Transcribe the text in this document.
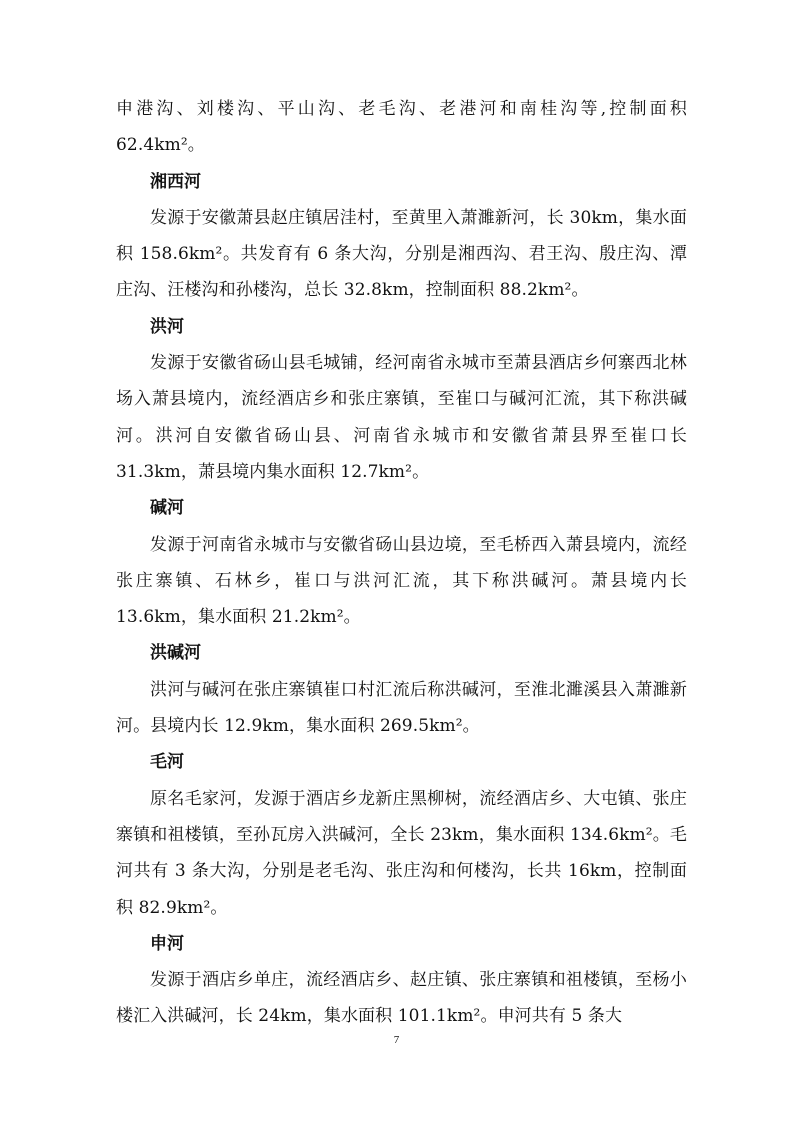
申港沟、刘楼沟、平山沟、老毛沟、老港河和南桂沟等,控制面积 62.4km²。

湘西河

发源于安徽萧县赵庄镇居洼村，至黄里入萧濉新河，长 30km，集水面积 158.6km²。共发育有 6 条大沟，分别是湘西沟、君王沟、殷庄沟、潭庄沟、汪楼沟和孙楼沟，总长 32.8km，控制面积 88.2km²。

洪河

发源于安徽省砀山县毛城铺，经河南省永城市至萧县酒店乡何寨西北林场入萧县境内，流经酒店乡和张庄寨镇，至崔口与碱河汇流，其下称洪碱河。洪河自安徽省砀山县、河南省永城市和安徽省萧县界至崔口长 31.3km，萧县境内集水面积 12.7km²。

碱河

发源于河南省永城市与安徽省砀山县边境，至毛桥西入萧县境内，流经张庄寨镇、石林乡，崔口与洪河汇流，其下称洪碱河。萧县境内长 13.6km，集水面积 21.2km²。

洪碱河

洪河与碱河在张庄寨镇崔口村汇流后称洪碱河，至淮北濉溪县入萧濉新河。县境内长 12.9km，集水面积 269.5km²。

毛河

原名毛家河，发源于酒店乡龙新庄黑柳树，流经酒店乡、大屯镇、张庄寨镇和祖楼镇，至孙瓦房入洪碱河，全长 23km，集水面积 134.6km²。毛河共有 3 条大沟，分别是老毛沟、张庄沟和何楼沟，长共 16km，控制面积 82.9km²。

申河

发源于酒店乡单庄，流经酒店乡、赵庄镇、张庄寨镇和祖楼镇，至杨小楼汇入洪碱河，长 24km，集水面积 101.1km²。申河共有 5 条大

7
